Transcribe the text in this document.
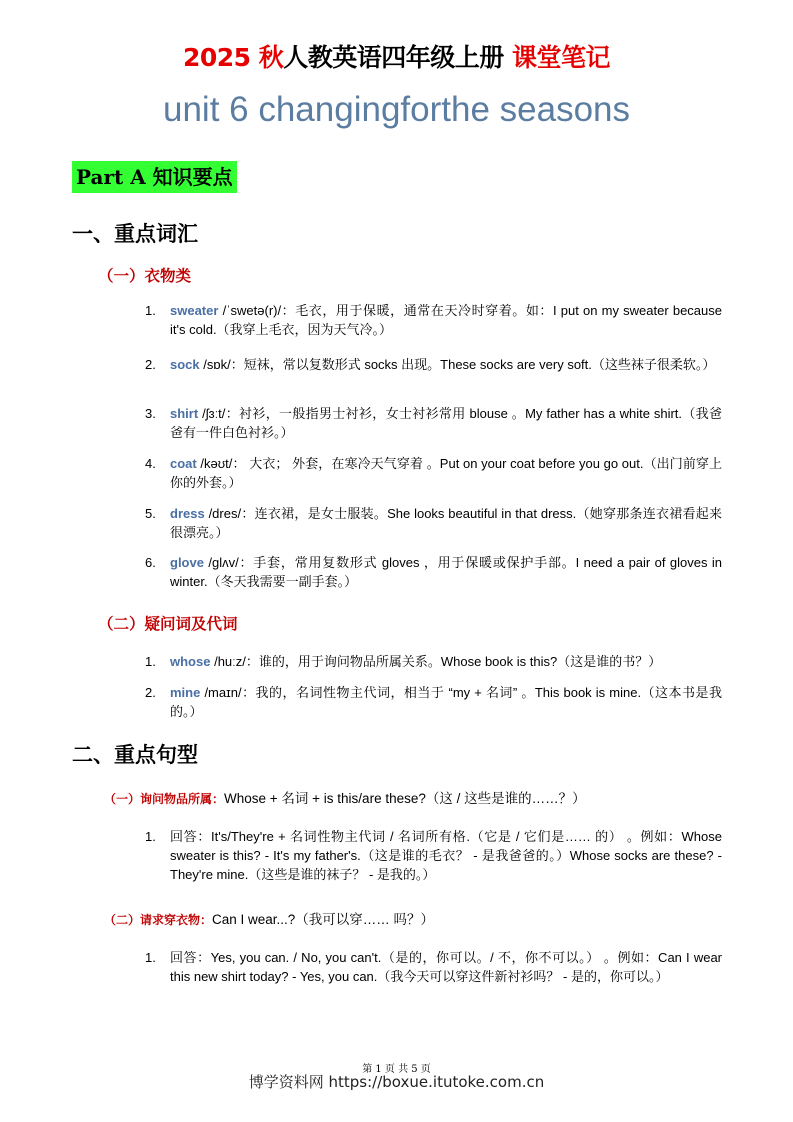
2025 秋人教英语四年级上册 课堂笔记
unit 6 changingforthe seasons
Part A 知识要点
一、重点词汇
（一）衣物类
1. sweater /ˈswetə(r)/：毛衣，用于保暖，通常在天冷时穿着。如：I put on my sweater because it's cold.（我穿上毛衣，因为天气冷。）
2. sock /sɒk/：短袜，常以复数形式 socks 出现。These socks are very soft.（这些袜子很柔软。）
3. shirt /ʃɜːt/：衬衫，一般指男士衬衫，女士衬衫常用 blouse 。My father has a white shirt.（我爸爸有一件白色衬衫。）
4. coat /kəʊt/： 大衣； 外套，在寒冷天气穿着 。Put on your coat before you go out.（出门前穿上你的外套。）
5. dress /dres/：连衣裙，是女士服装。She looks beautiful in that dress.（她穿那条连衣裙看起来很漂亮。）
6. glove /ɡlʌv/：手套，常用复数形式 gloves ，用于保暖或保护手部。I need a pair of gloves in winter.（冬天我需要一副手套。）
（二）疑问词及代词
1. whose /huːz/：谁的，用于询问物品所属关系。Whose book is this?（这是谁的书？）
2. mine /maɪn/：我的，名词性物主代词，相当于 “my + 名词” 。This book is mine.（这本书是我的。）
二、重点句型
（一）询问物品所属：Whose + 名词 + is this/are these?（这 / 这些是谁的……？）
1. 回答：It's/They're + 名词性物主代词 / 名词所有格.（它是 / 它们是…… 的） 。例如：Whose sweater is this? - It's my father's.（这是谁的毛衣？ - 是我爸爸的。）Whose socks are these? - They're mine.（这些是谁的袜子？ - 是我的。）
（二）请求穿衣物：Can I wear...?（我可以穿…… 吗？）
1. 回答：Yes, you can. / No, you can't.（是的，你可以。/ 不，你不可以。） 。例如：Can I wear this new shirt today? - Yes, you can.（我今天可以穿这件新衬衫吗？ - 是的，你可以。）
第 1 页 共 5 页
博学资料网 https://boxue.itutoke.com.cn
